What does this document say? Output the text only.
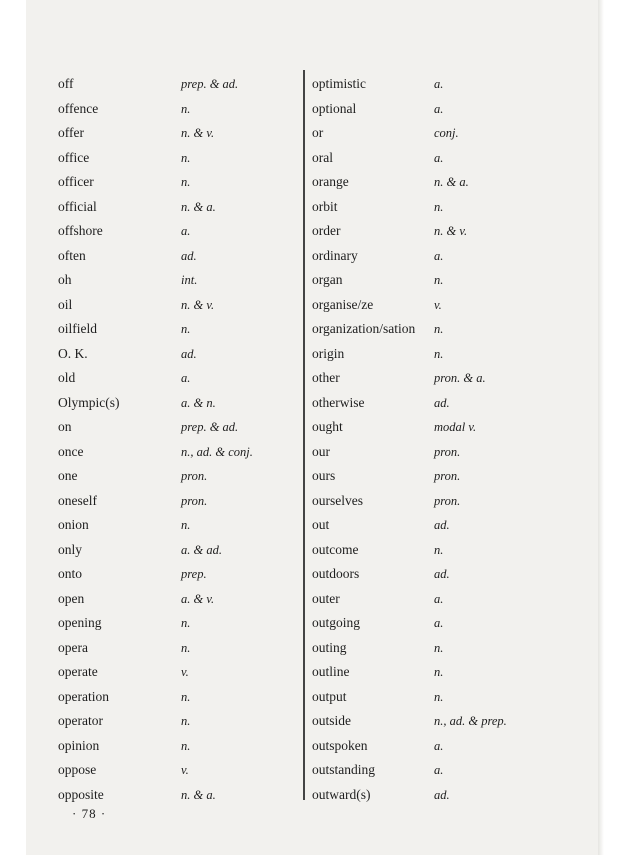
off	prep. & ad.
offence	n.
offer	n. & v.
office	n.
officer	n.
official	n. & a.
offshore	a.
often	ad.
oh	int.
oil	n. & v.
oilfield	n.
O. K.	ad.
old	a.
Olympic(s)	a. & n.
on	prep. & ad.
once	n., ad. & conj.
one	pron.
oneself	pron.
onion	n.
only	a. & ad.
onto	prep.
open	a. & v.
opening	n.
opera	n.
operate	v.
operation	n.
operator	n.
opinion	n.
oppose	v.
opposite	n. & a.
optimistic	a.
optional	a.
or	conj.
oral	a.
orange	n. & a.
orbit	n.
order	n. & v.
ordinary	a.
organ	n.
organise/ze	v.
organization/sation n.
origin	n.
other	pron. & a.
otherwise	ad.
ought	modal v.
our	pron.
ours	pron.
ourselves	pron.
out	ad.
outcome	n.
outdoors	ad.
outer	a.
outgoing	a.
outing	n.
outline	n.
output	n.
outside	n., ad. & prep.
outspoken	a.
outstanding	a.
outward(s)	ad.
· 78 ·
